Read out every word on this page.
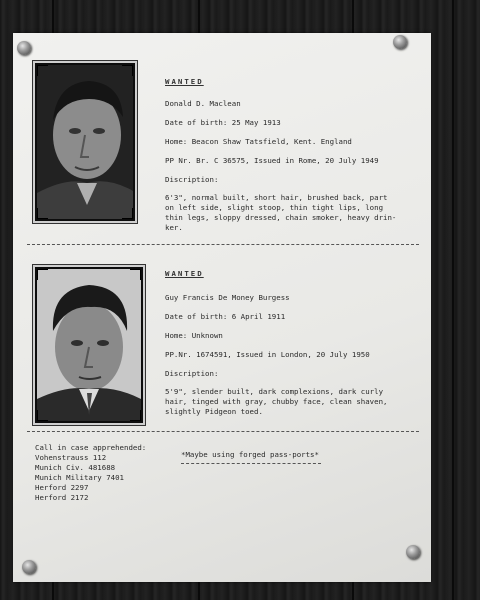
WANTED
Donald D. Maclean
Date of birth: 25 May 1913
Home: Beacon Shaw Tatsfield, Kent. England
PP Nr. Br. C 36575, Issued in Rome, 20 July 1949
Discription:
6'3", normal built, short hair, brushed back, part
on left side, slight stoop, thin tight lips, long
thin legs, sloppy dressed, chain smoker, heavy drin-
ker.
WANTED
Guy Francis De Money Burgess
Date of birth: 6 April 1911
Home: Unknown
PP.Nr. 1674591, Issued in London, 20 July 1950
Discription:
5'9", slender built, dark complexions, dark curly
hair, tinged with gray, chubby face, clean shaven,
slightly Pidgeon toed.
Call in case apprehended:
Vohenstrauss 112
Munich Civ. 481688
Munich Military 7401
Herford 2297
Herford 2172
*Maybe using forged pass-ports*
